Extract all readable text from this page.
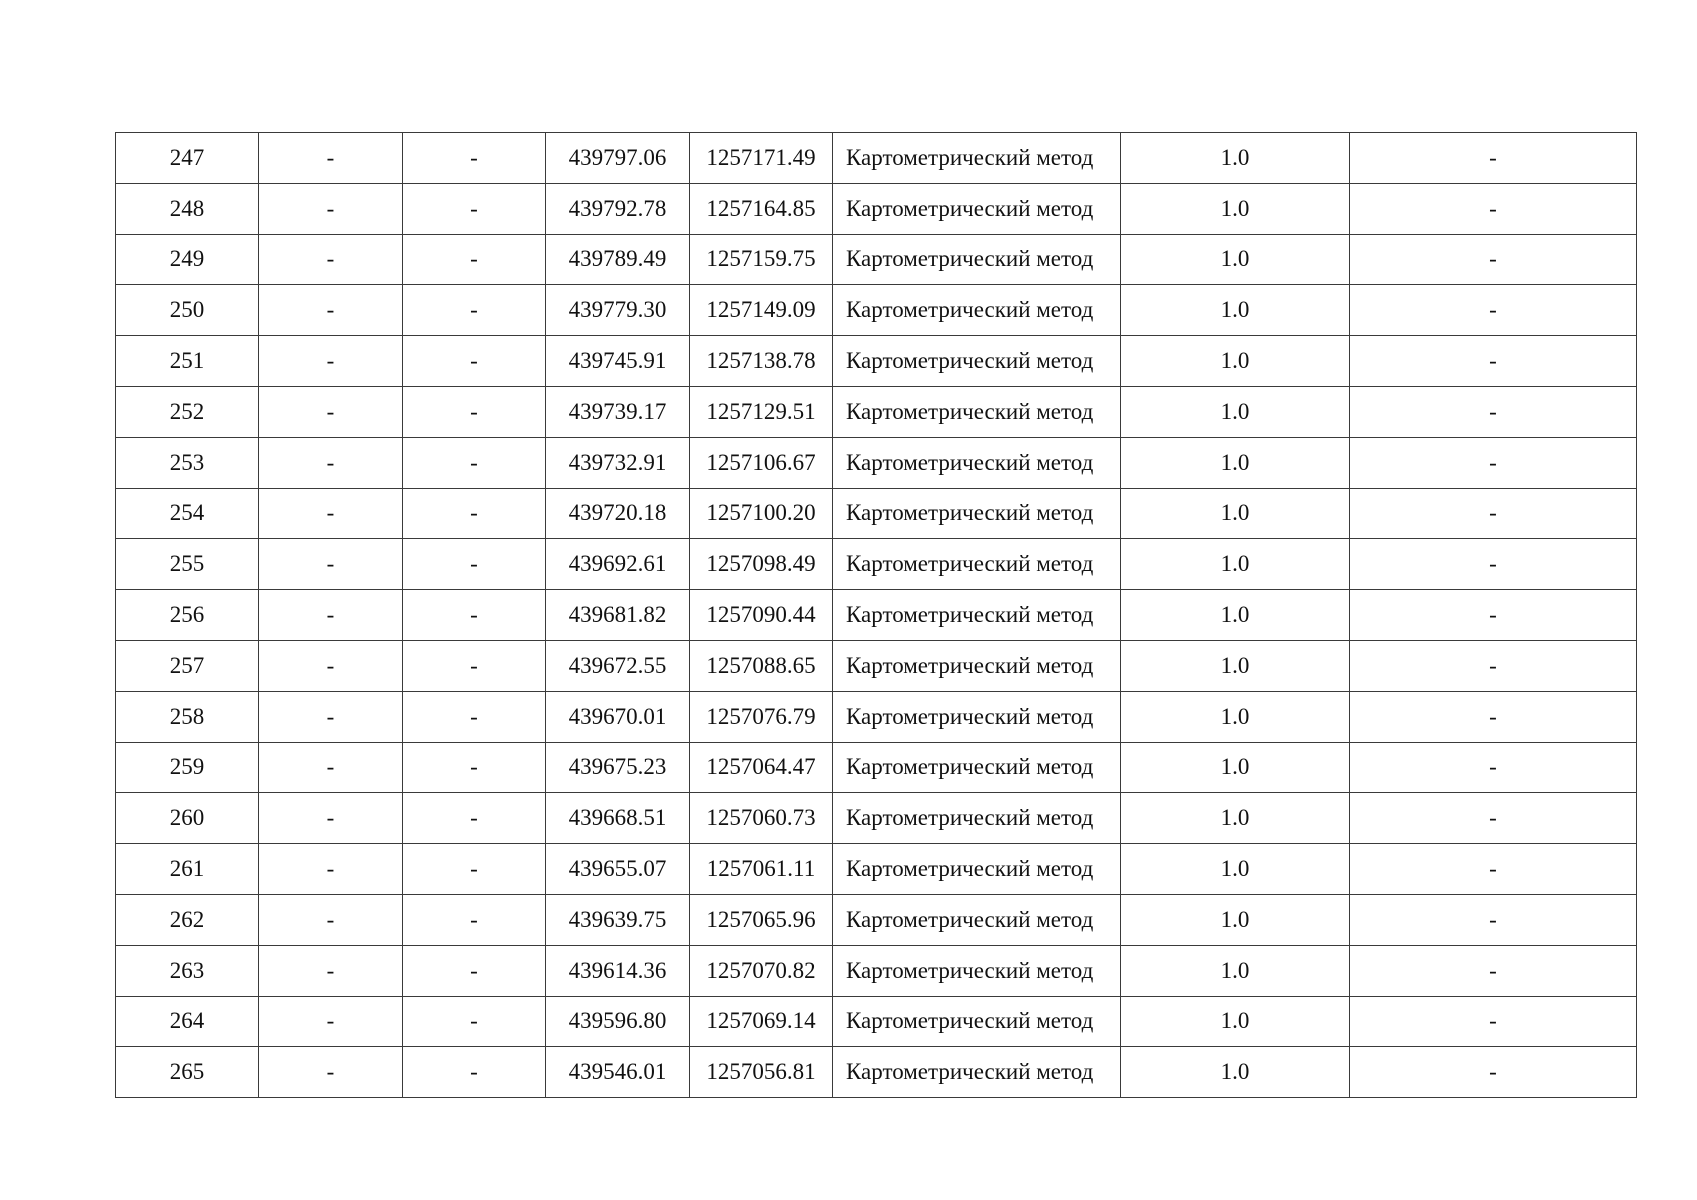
247	-	-	439797.06	1257171.49	Картометрический метод	1.0	-
248	-	-	439792.78	1257164.85	Картометрический метод	1.0	-
249	-	-	439789.49	1257159.75	Картометрический метод	1.0	-
250	-	-	439779.30	1257149.09	Картометрический метод	1.0	-
251	-	-	439745.91	1257138.78	Картометрический метод	1.0	-
252	-	-	439739.17	1257129.51	Картометрический метод	1.0	-
253	-	-	439732.91	1257106.67	Картометрический метод	1.0	-
254	-	-	439720.18	1257100.20	Картометрический метод	1.0	-
255	-	-	439692.61	1257098.49	Картометрический метод	1.0	-
256	-	-	439681.82	1257090.44	Картометрический метод	1.0	-
257	-	-	439672.55	1257088.65	Картометрический метод	1.0	-
258	-	-	439670.01	1257076.79	Картометрический метод	1.0	-
259	-	-	439675.23	1257064.47	Картометрический метод	1.0	-
260	-	-	439668.51	1257060.73	Картометрический метод	1.0	-
261	-	-	439655.07	1257061.11	Картометрический метод	1.0	-
262	-	-	439639.75	1257065.96	Картометрический метод	1.0	-
263	-	-	439614.36	1257070.82	Картометрический метод	1.0	-
264	-	-	439596.80	1257069.14	Картометрический метод	1.0	-
265	-	-	439546.01	1257056.81	Картометрический метод	1.0	-
